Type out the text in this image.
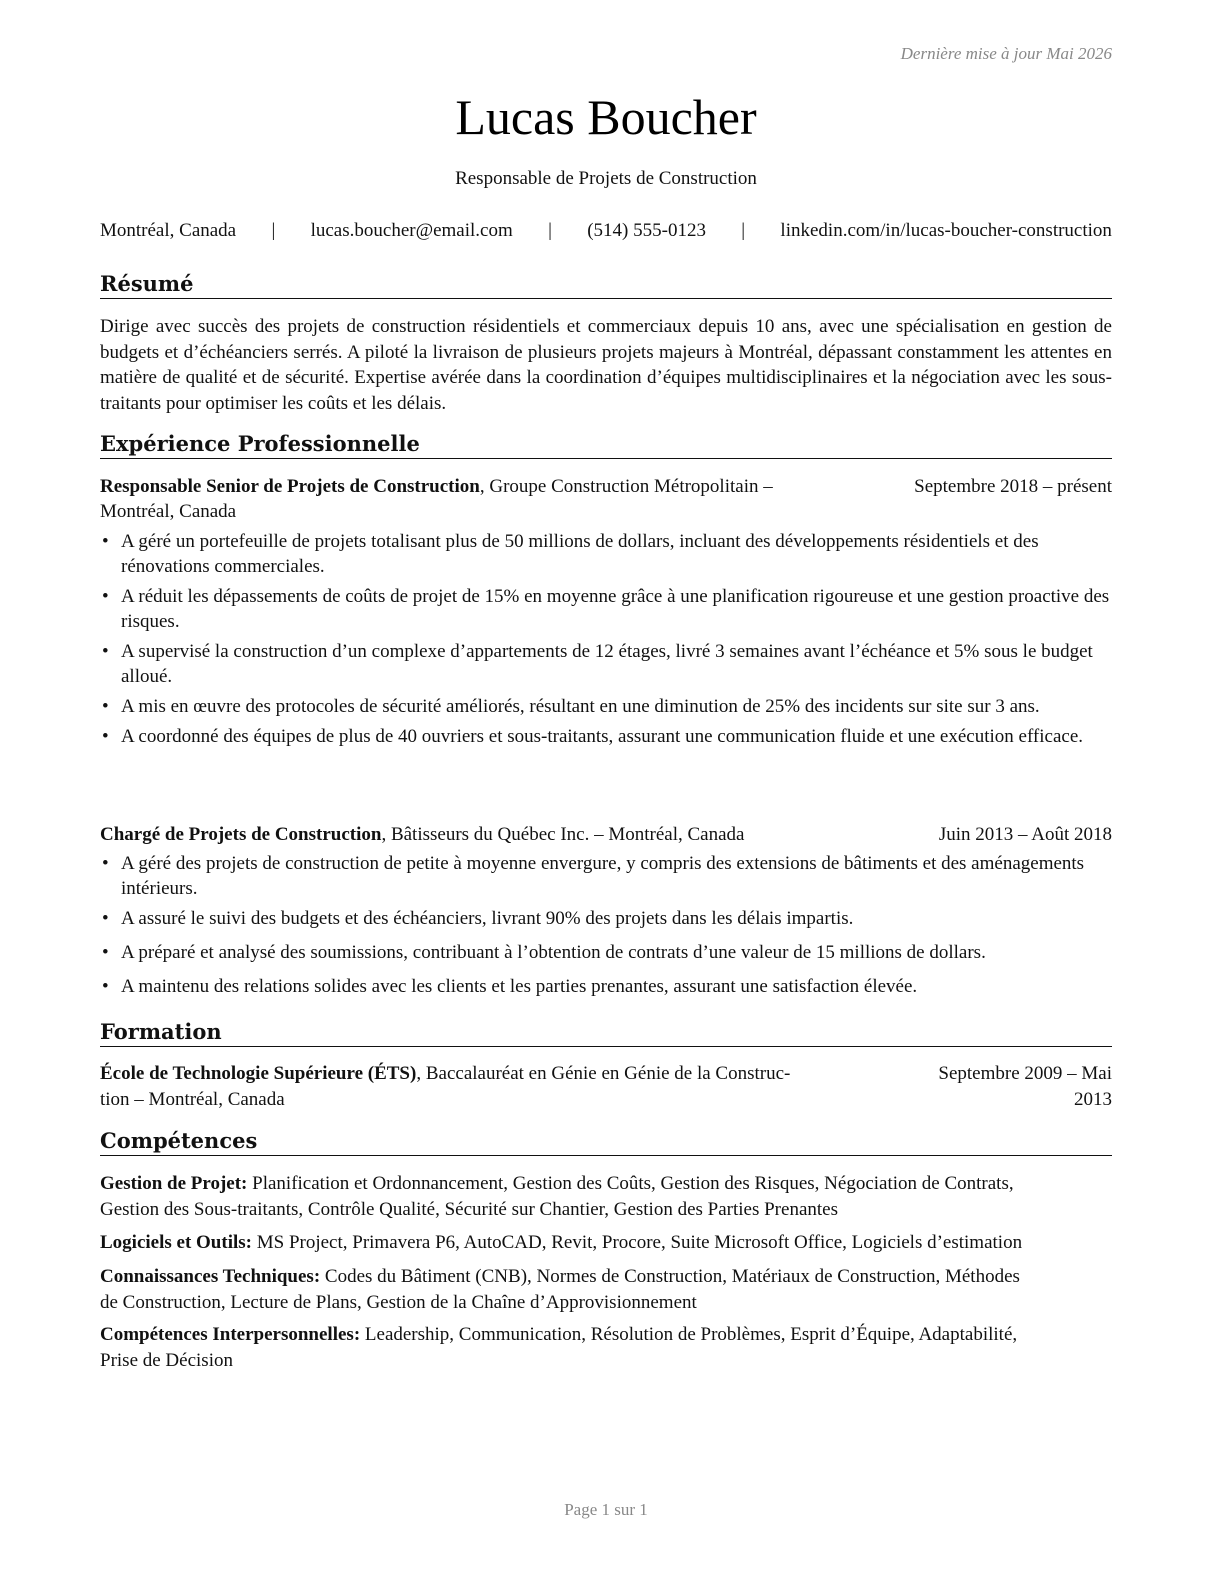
Dernière mise à jour Mai 2026
Lucas Boucher
Responsable de Projets de Construction
Montréal, Canada | lucas.boucher@email.com | (514) 555-0123 | linkedin.com/in/lucas-boucher-construction
Résumé
Dirige avec succès des projets de construction résidentiels et commerciaux depuis 10 ans, avec une spécialisation en gestion de budgets et d’échéanciers serrés. A piloté la livraison de plusieurs projets majeurs à Montréal, dépassant constamment les attentes en matière de qualité et de sécurité. Expertise avérée dans la coordination d’équipes multidisciplinaires et la négociation avec les sous-traitants pour optimiser les coûts et les délais.
Expérience Professionnelle
Responsable Senior de Projets de Construction, Groupe Construction Métropolitain –	Septembre 2018 – présent
Montréal, Canada
• A géré un portefeuille de projets totalisant plus de 50 millions de dollars, incluant des développements résidentiels et des rénovations commerciales.
• A réduit les dépassements de coûts de projet de 15% en moyenne grâce à une planification rigoureuse et une gestion proactive des risques.
• A supervisé la construction d’un complexe d’appartements de 12 étages, livré 3 semaines avant l’échéance et 5% sous le budget alloué.
• A mis en œuvre des protocoles de sécurité améliorés, résultant en une diminution de 25% des incidents sur site sur 3 ans.
• A coordonné des équipes de plus de 40 ouvriers et sous-traitants, assurant une communication fluide et une exécution efficace.
Chargé de Projets de Construction, Bâtisseurs du Québec Inc. – Montréal, Canada	Juin 2013 – Août 2018
• A géré des projets de construction de petite à moyenne envergure, y compris des extensions de bâtiments et des aménagements intérieurs.
• A assuré le suivi des budgets et des échéanciers, livrant 90% des projets dans les délais impartis.
• A préparé et analysé des soumissions, contribuant à l’obtention de contrats d’une valeur de 15 millions de dollars.
• A maintenu des relations solides avec les clients et les parties prenantes, assurant une satisfaction élevée.
Formation
École de Technologie Supérieure (ÉTS), Baccalauréat en Génie en Génie de la Construc-	Septembre 2009 – Mai
tion – Montréal, Canada	2013
Compétences
Gestion de Projet: Planification et Ordonnancement, Gestion des Coûts, Gestion des Risques, Négociation de Contrats,
Gestion des Sous-traitants, Contrôle Qualité, Sécurité sur Chantier, Gestion des Parties Prenantes
Logiciels et Outils: MS Project, Primavera P6, AutoCAD, Revit, Procore, Suite Microsoft Office, Logiciels d’estimation
Connaissances Techniques: Codes du Bâtiment (CNB), Normes de Construction, Matériaux de Construction, Méthodes
de Construction, Lecture de Plans, Gestion de la Chaîne d’Approvisionnement
Compétences Interpersonnelles: Leadership, Communication, Résolution de Problèmes, Esprit d’Équipe, Adaptabilité,
Prise de Décision
Page 1 sur 1
